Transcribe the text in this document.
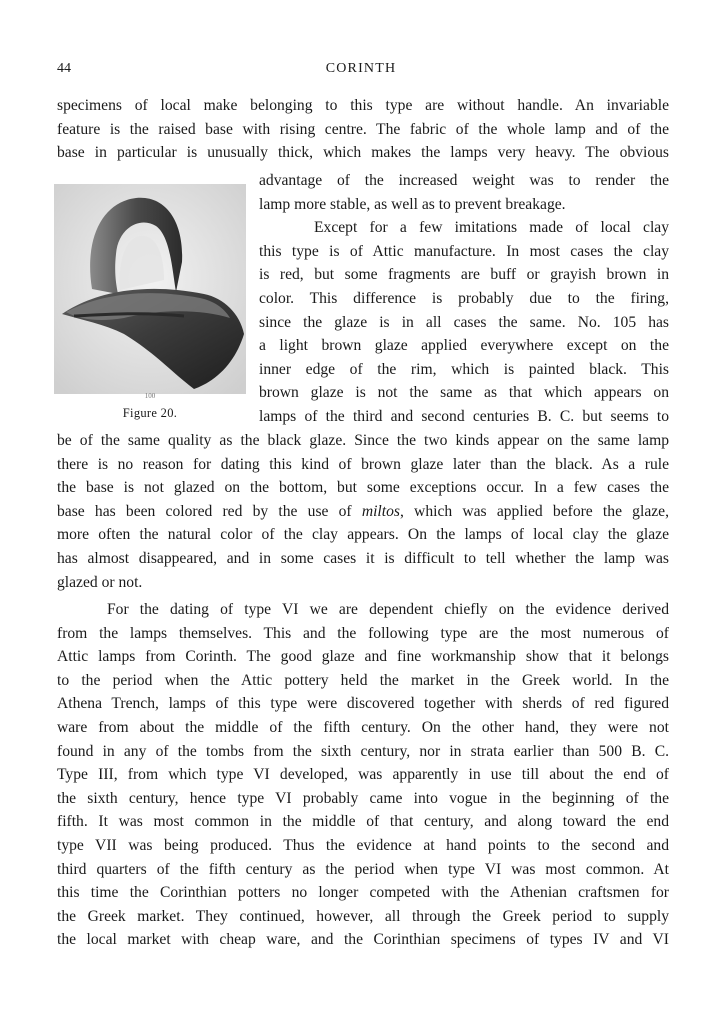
44	CORINTH
specimens of local make belonging to this type are without handle. An invariable
feature is the raised base with rising centre. The fabric of the whole lamp and of the
base in particular is unusually thick, which makes the lamps very heavy. The obvious
100
Figure 20.
advantage of the increased weight was to render the
lamp more stable, as well as to prevent breakage.
Except for a few imitations made of local clay
this type is of Attic manufacture. In most cases the clay
is red, but some fragments are buff or grayish brown in
color. This difference is probably due to the firing,
since the glaze is in all cases the same. No. 105 has
a light brown glaze applied everywhere except on the
inner edge of the rim, which is painted black. This
brown glaze is not the same as that which appears on
lamps of the third and second centuries B. C. but seems to
be of the same quality as the black glaze. Since the two kinds appear on the same lamp
there is no reason for dating this kind of brown glaze later than the black. As a rule
the base is not glazed on the bottom, but some exceptions occur. In a few cases the
base has been colored red by the use of miltos, which was applied before the glaze,
more often the natural color of the clay appears. On the lamps of local clay the glaze
has almost disappeared, and in some cases it is difficult to tell whether the lamp was
glazed or not.
For the dating of type VI we are dependent chiefly on the evidence derived
from the lamps themselves. This and the following type are the most numerous of
Attic lamps from Corinth. The good glaze and fine workmanship show that it belongs
to the period when the Attic pottery held the market in the Greek world. In the
Athena Trench, lamps of this type were discovered together with sherds of red figured
ware from about the middle of the fifth century. On the other hand, they were not
found in any of the tombs from the sixth century, nor in strata earlier than 500 B. C.
Type III, from which type VI developed, was apparently in use till about the end of
the sixth century, hence type VI probably came into vogue in the beginning of the
fifth. It was most common in the middle of that century, and along toward the end
type VII was being produced. Thus the evidence at hand points to the second and
third quarters of the fifth century as the period when type VI was most common. At
this time the Corinthian potters no longer competed with the Athenian craftsmen for
the Greek market. They continued, however, all through the Greek period to supply
the local market with cheap ware, and the Corinthian specimens of types IV and VI
